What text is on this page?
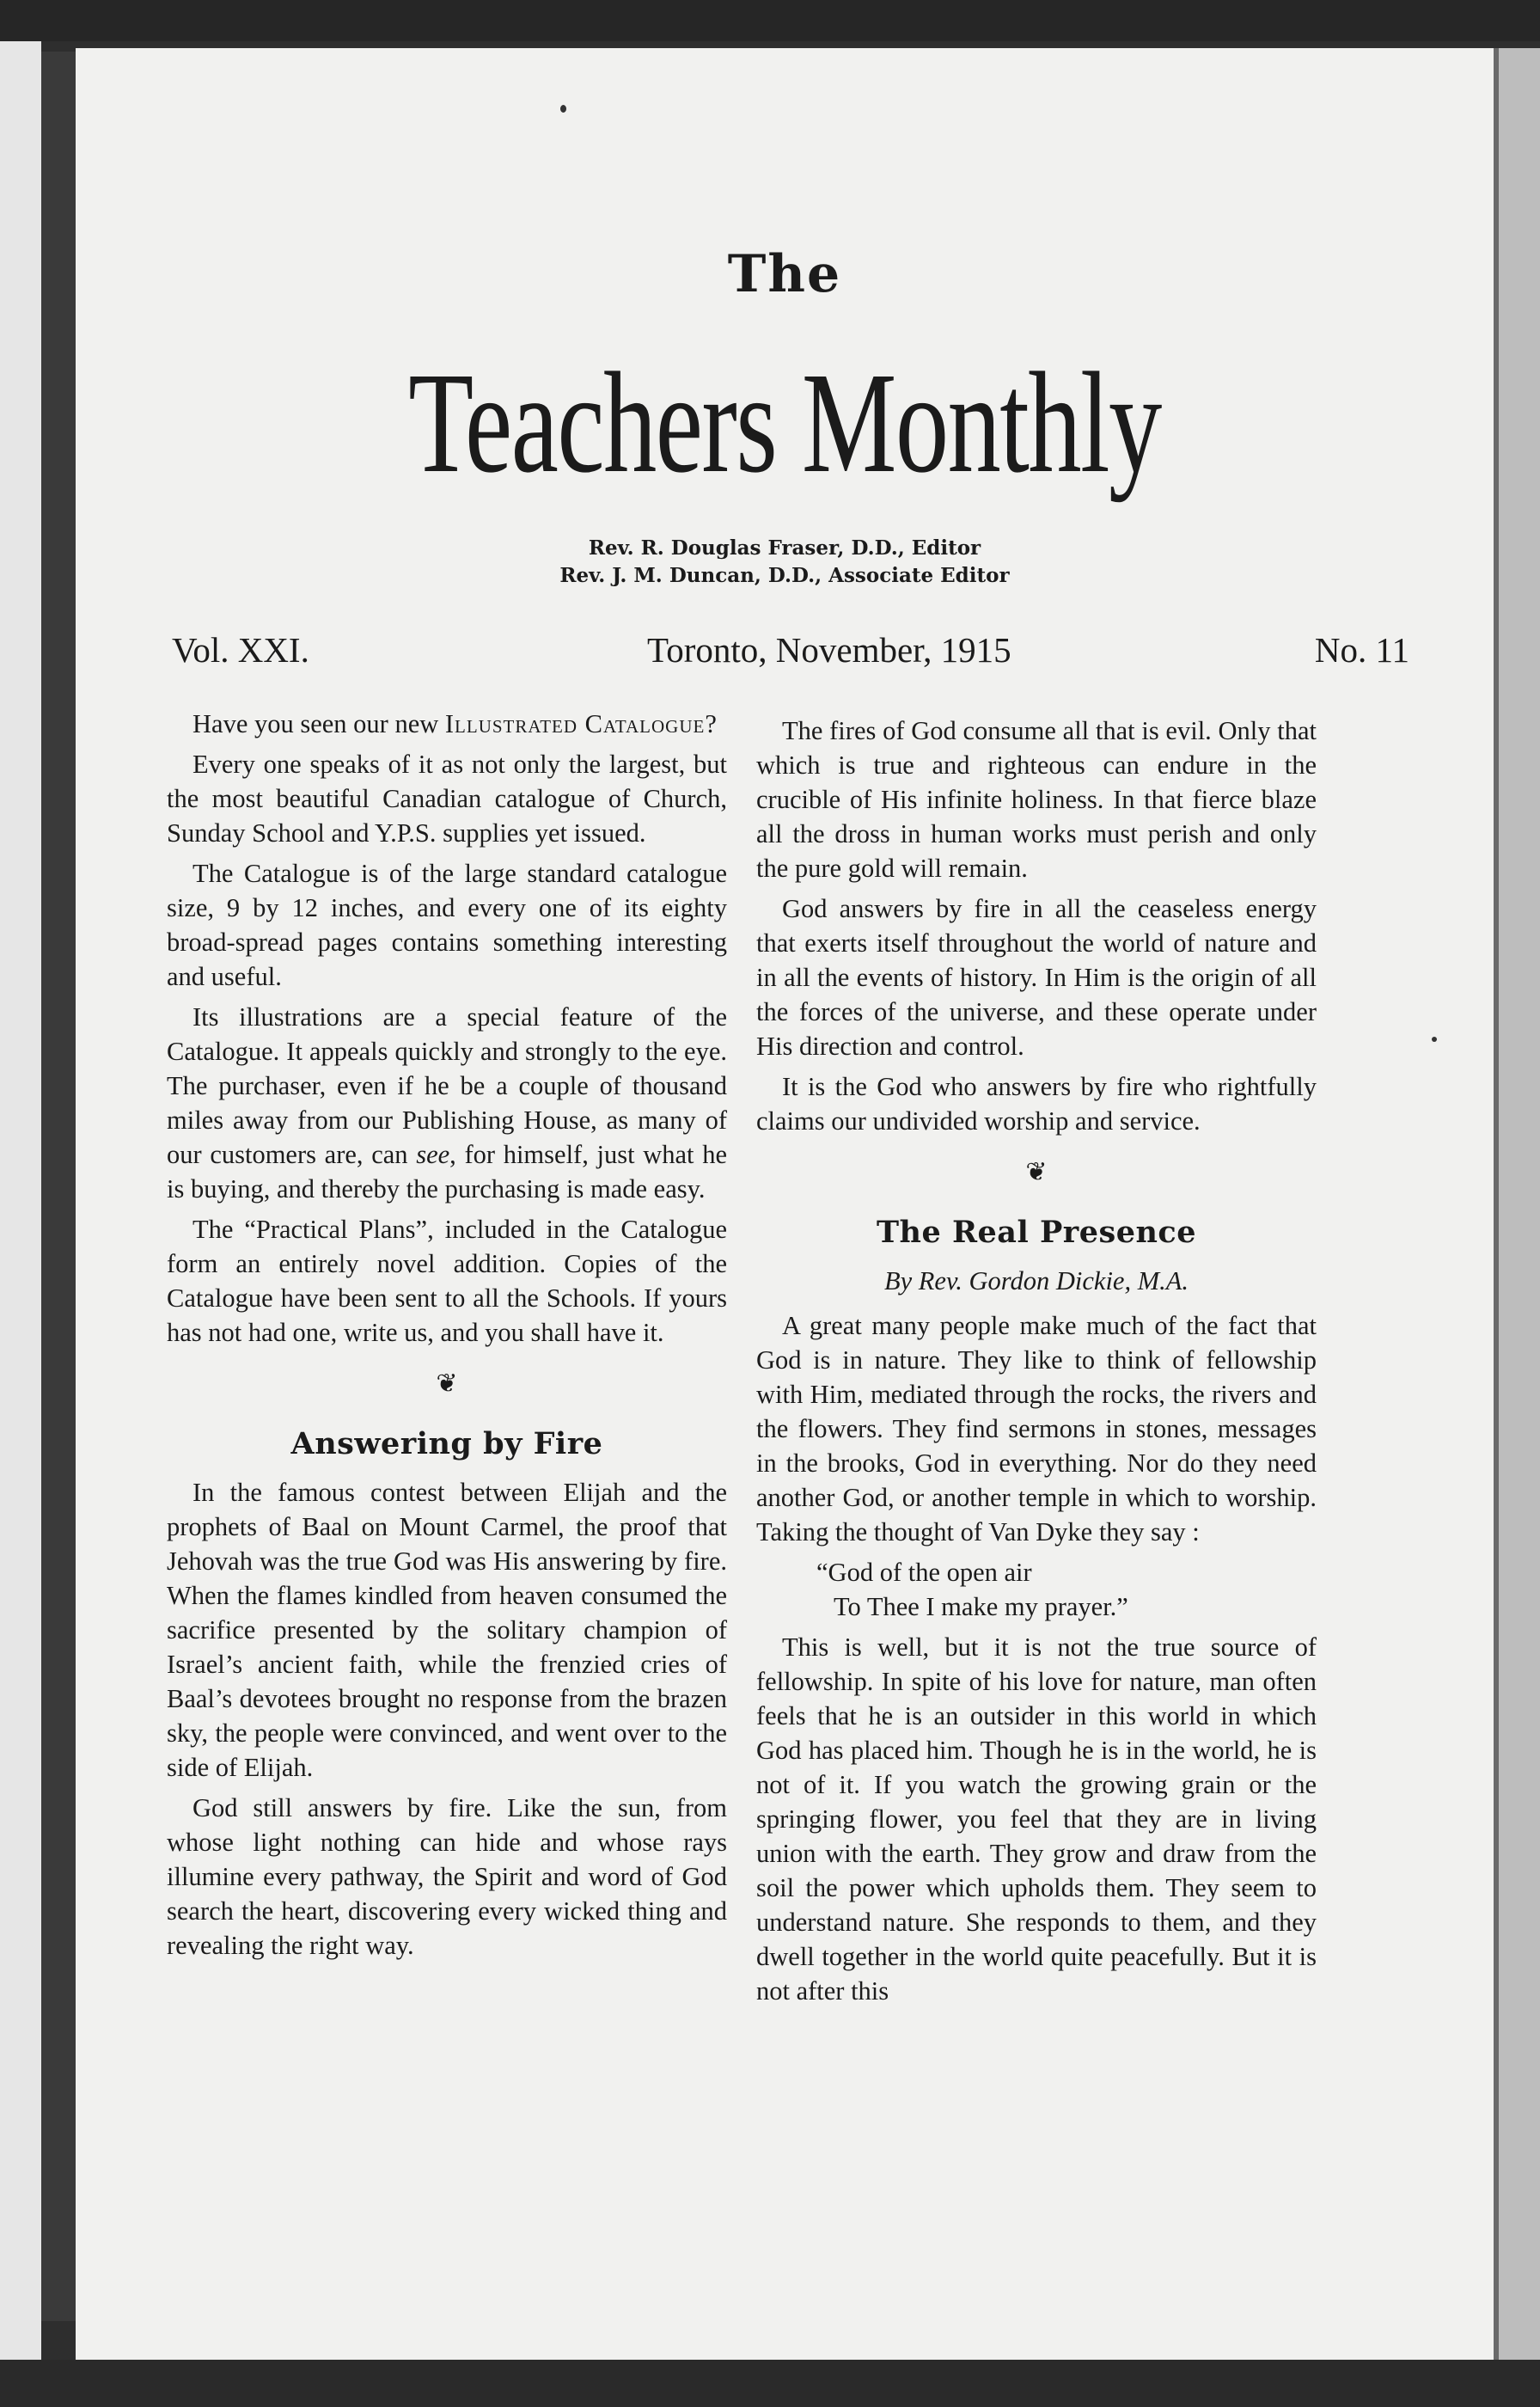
The
Teachers Monthly
Rev. R. Douglas Fraser, D.D., Editor
Rev. J. M. Duncan, D.D., Associate Editor
Vol. XXI.	Toronto, November, 1915	No. 11

Have you seen our new Illustrated Catalogue?

Every one speaks of it as not only the largest, but the most beautiful Canadian catalogue of Church, Sunday School and Y.P.S. supplies yet issued.

The Catalogue is of the large standard catalogue size, 9 by 12 inches, and every one of its eighty broad-spread pages contains something interesting and useful.

Its illustrations are a special feature of the Catalogue. It appeals quickly and strongly to the eye. The purchaser, even if he be a couple of thousand miles away from our Publishing House, as many of our customers are, can see, for himself, just what he is buying, and thereby the purchasing is made easy.

The “Practical Plans”, included in the Catalogue form an entirely novel addition. Copies of the Catalogue have been sent to all the Schools. If yours has not had one, write us, and you shall have it.

❦
Answering by Fire

In the famous contest between Elijah and the prophets of Baal on Mount Carmel, the proof that Jehovah was the true God was His answering by fire. When the flames kindled from heaven consumed the sacrifice presented by the solitary champion of Israel’s ancient faith, while the frenzied cries of Baal’s devotees brought no response from the brazen sky, the people were convinced, and went over to the side of Elijah.

God still answers by fire. Like the sun, from whose light nothing can hide and whose rays illumine every pathway, the Spirit and word of God search the heart, discovering every wicked thing and revealing the right way.

The fires of God consume all that is evil. Only that which is true and righteous can endure in the crucible of His infinite holiness. In that fierce blaze all the dross in human works must perish and only the pure gold will remain.

God answers by fire in all the ceaseless energy that exerts itself throughout the world of nature and in all the events of history. In Him is the origin of all the forces of the universe, and these operate under His direction and control.

It is the God who answers by fire who rightfully claims our undivided worship and service.

❦
The Real Presence
By Rev. Gordon Dickie, M.A.

A great many people make much of the fact that God is in nature. They like to think of fellowship with Him, mediated through the rocks, the rivers and the flowers. They find sermons in stones, messages in the brooks, God in everything. Nor do they need another God, or another temple in which to worship. Taking the thought of Van Dyke they say :

“God of the open air

To Thee I make my prayer.”

This is well, but it is not the true source of fellowship. In spite of his love for nature, man often feels that he is an outsider in this world in which God has placed him. Though he is in the world, he is not of it. If you watch the growing grain or the springing flower, you feel that they are in living union with the earth. They grow and draw from the soil the power which upholds them. They seem to understand nature. She responds to them, and they dwell together in the world quite peacefully. But it is not after this
